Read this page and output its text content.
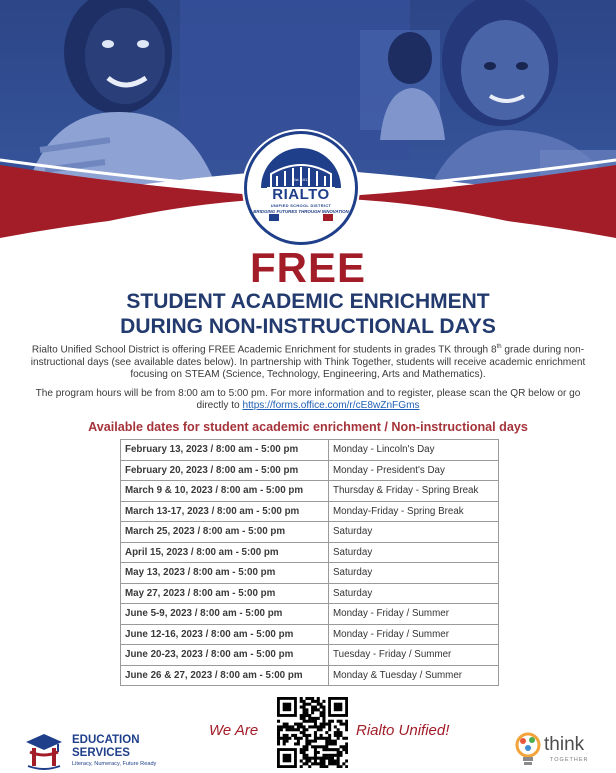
Est. 1911
RIALTO
UNIFIED SCHOOL DISTRICT
BRIDGING FUTURES THROUGH INNOVATION
FREE
STUDENT ACADEMIC ENRICHMENT
DURING NON-INSTRUCTIONAL DAYS

Rialto Unified School District is offering FREE Academic Enrichment for students in grades TK through 8th grade during non-instructional days (see available dates below). In partnership with Think Together, students will receive academic enrichment focusing on STEAM (Science, Technology, Engineering, Arts and Mathematics).

The program hours will be from 8:00 am to 5:00 pm. For more information and to register, please scan the QR below or go directly to https://forms.office.com/r/cE8wZnFGms

Available dates for student academic enrichment / Non-instructional days
February 13, 2023 / 8:00 am - 5:00 pm	Monday - Lincoln's Day
February 20, 2023 / 8:00 am - 5:00 pm	Monday - President's Day
March 9 & 10, 2023 / 8:00 am - 5:00 pm	Thursday & Friday - Spring Break
March 13-17, 2023 / 8:00 am - 5:00 pm	Monday-Friday - Spring Break
March 25, 2023 / 8:00 am - 5:00 pm	Saturday
April 15, 2023 / 8:00 am - 5:00 pm	Saturday
May 13, 2023 / 8:00 am - 5:00 pm	Saturday
May 27, 2023 / 8:00 am - 5:00 pm	Saturday
June 5-9, 2023 / 8:00 am - 5:00 pm	Monday - Friday / Summer
June 12-16, 2023 / 8:00 am - 5:00 pm	Monday - Friday / Summer
June 20-23, 2023 / 8:00 am - 5:00 pm	Tuesday - Friday / Summer
June 26 & 27, 2023 / 8:00 am - 5:00 pm	Monday & Tuesday / Summer
EDUCATION
SERVICES
Literacy, Numeracy, Future Ready
We Are	Rialto Unified!
think
TOGETHER
